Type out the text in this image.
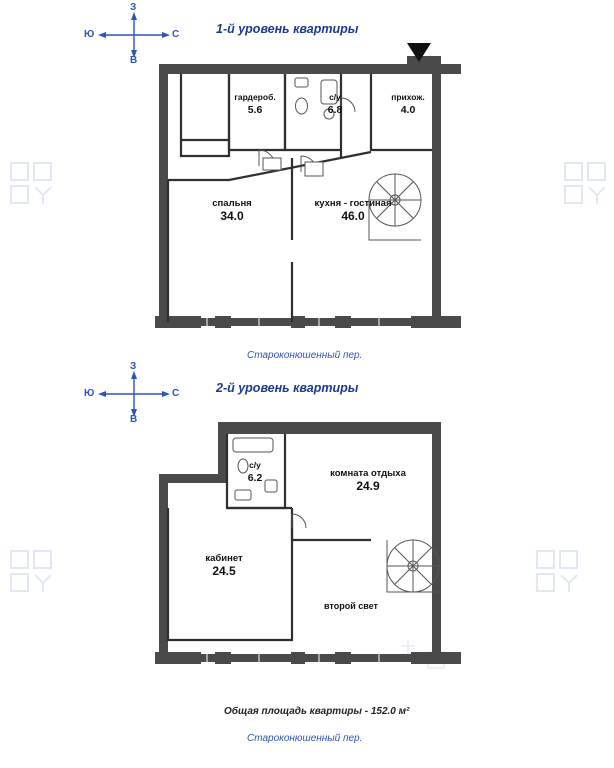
1-й уровень квартиры
З
Ю	С
В
гардероб.
5.6
с/у
6.8
прихож.
4.0
спальня
34.0
кухня - гостиная
46.0
Староконюшенный пер.
2-й уровень квартиры
З
Ю	С
В
с/у
6.2	комната отдыха
24.9
кабинет
24.5
второй свет
Общая площадь квартиры - 152.0 м²
Староконюшенный пер.
